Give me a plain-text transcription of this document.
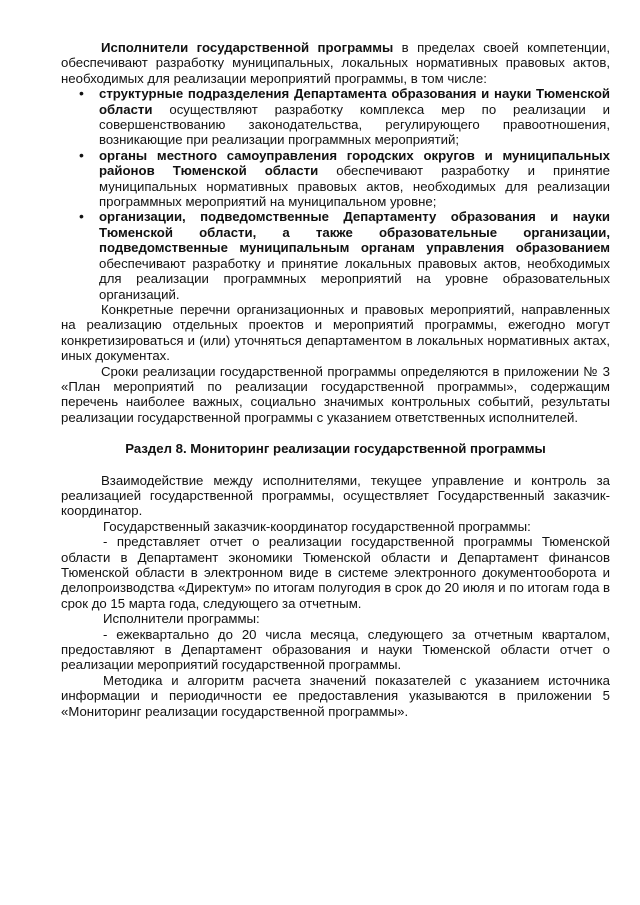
Исполнители государственной программы в пределах своей компетенции, обеспечивают разработку муниципальных, локальных нормативных правовых актов, необходимых для реализации мероприятий программы, в том числе:

• структурные подразделения Департамента образования и науки Тюменской области осуществляют разработку комплекса мер по реализации и совершенствованию законодательства, регулирующего правоотношения, возникающие при реализации программных мероприятий;
• органы местного самоуправления городских округов и муниципальных районов Тюменской области обеспечивают разработку и принятие муниципальных нормативных правовых актов, необходимых для реализации программных мероприятий на муниципальном уровне;
• организации, подведомственные Департаменту образования и науки Тюменской области, а также образовательные организации, подведомственные муниципальным органам управления образованием обеспечивают разработку и принятие локальных правовых актов, необходимых для реализации программных мероприятий на уровне образовательных организаций.

Конкретные перечни организационных и правовых мероприятий, направленных на реализацию отдельных проектов и мероприятий программы, ежегодно могут конкретизироваться и (или) уточняться департаментом в локальных нормативных актах, иных документах.

Сроки реализации государственной программы определяются в приложении № 3 «План мероприятий по реализации государственной программы», содержащим перечень наиболее важных, социально значимых контрольных событий, результаты реализации государственной программы с указанием ответственных исполнителей.

Раздел 8. Мониторинг реализации государственной программы

Взаимодействие между исполнителями, текущее управление и контроль за реализацией государственной программы, осуществляет Государственный заказчик-координатор.

Государственный заказчик-координатор государственной программы:

- представляет отчет о реализации государственной программы Тюменской области в Департамент экономики Тюменской области и Департамент финансов Тюменской области в электронном виде в системе электронного документооборота и делопроизводства «Директум» по итогам полугодия в срок до 20 июля и по итогам года в срок до 15 марта года, следующего за отчетным.

Исполнители программы:

- ежеквартально до 20 числа месяца, следующего за отчетным кварталом, предоставляют в Департамент образования и науки Тюменской области отчет о реализации мероприятий государственной программы.

Методика и алгоритм расчета значений показателей с указанием источника информации и периодичности ее предоставления указываются в приложении 5 «Мониторинг реализации государственной программы».
